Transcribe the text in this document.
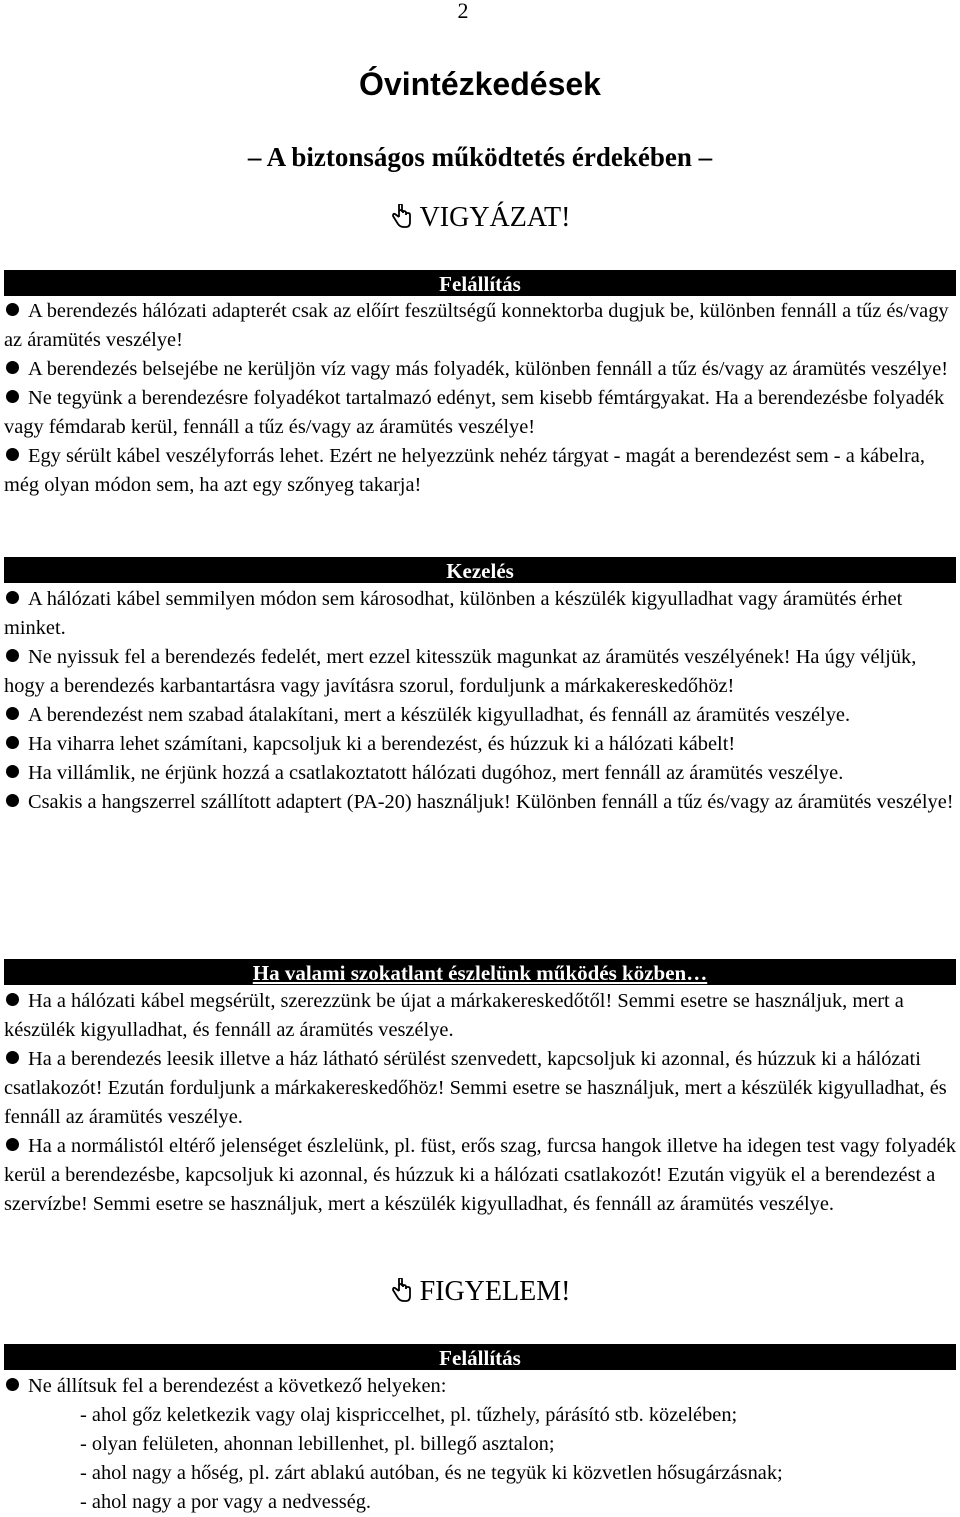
2
Óvintézkedések
– A biztonságos működtetés érdekében –
VIGYÁZAT!
Felállítás

A berendezés hálózati adapterét csak az előírt feszültségű konnektorba dugjuk be, különben fennáll a tűz és/vagy az áramütés veszélye!

A berendezés belsejébe ne kerüljön víz vagy más folyadék, különben fennáll a tűz és/vagy az áramütés veszélye!

Ne tegyünk a berendezésre folyadékot tartalmazó edényt, sem kisebb fémtárgyakat. Ha a berendezésbe folyadék vagy fémdarab kerül, fennáll a tűz és/vagy az áramütés veszélye!

Egy sérült kábel veszélyforrás lehet. Ezért ne helyezzünk nehéz tárgyat - magát a berendezést sem - a kábelra, még olyan módon sem, ha azt egy szőnyeg takarja!

Kezelés

A hálózati kábel semmilyen módon sem károsodhat, különben a készülék kigyulladhat vagy áramütés érhet minket.

Ne nyissuk fel a berendezés fedelét, mert ezzel kitesszük magunkat az áramütés veszélyének! Ha úgy véljük, hogy a berendezés karbantartásra vagy javításra szorul, forduljunk a márkakereskedőhöz!

A berendezést nem szabad átalakítani, mert a készülék kigyulladhat, és fennáll az áramütés veszélye.

Ha viharra lehet számítani, kapcsoljuk ki a berendezést, és húzzuk ki a hálózati kábelt!

Ha villámlik, ne érjünk hozzá a csatlakoztatott hálózati dugóhoz, mert fennáll az áramütés veszélye.

Csakis a hangszerrel szállított adaptert (PA-20) használjuk! Különben fennáll a tűz és/vagy az áramütés veszélye!

Ha valami szokatlant észlelünk működés közben…

Ha a hálózati kábel megsérült, szerezzünk be újat a márkakereskedőtől! Semmi esetre se használjuk, mert a készülék kigyulladhat, és fennáll az áramütés veszélye.

Ha a berendezés leesik illetve a ház látható sérülést szenvedett, kapcsoljuk ki azonnal, és húzzuk ki a hálózati csatlakozót! Ezután forduljunk a márkakereskedőhöz! Semmi esetre se használjuk, mert a készülék kigyulladhat, és fennáll az áramütés veszélye.

Ha a normálistól eltérő jelenséget észlelünk, pl. füst, erős szag, furcsa hangok illetve ha idegen test vagy folyadék kerül a berendezésbe, kapcsoljuk ki azonnal, és húzzuk ki a hálózati csatlakozót! Ezután vigyük el a berendezést a szervízbe! Semmi esetre se használjuk, mert a készülék kigyulladhat, és fennáll az áramütés veszélye.

FIGYELEM!
Felállítás

Ne állítsuk fel a berendezést a következő helyeken:

- ahol gőz keletkezik vagy olaj kispriccelhet, pl. tűzhely, párásító stb. közelében;

- olyan felületen, ahonnan lebillenhet, pl. billegő asztalon;

- ahol nagy a hőség, pl. zárt ablakú autóban, és ne tegyük ki közvetlen hősugárzásnak;

- ahol nagy a por vagy a nedvesség.
